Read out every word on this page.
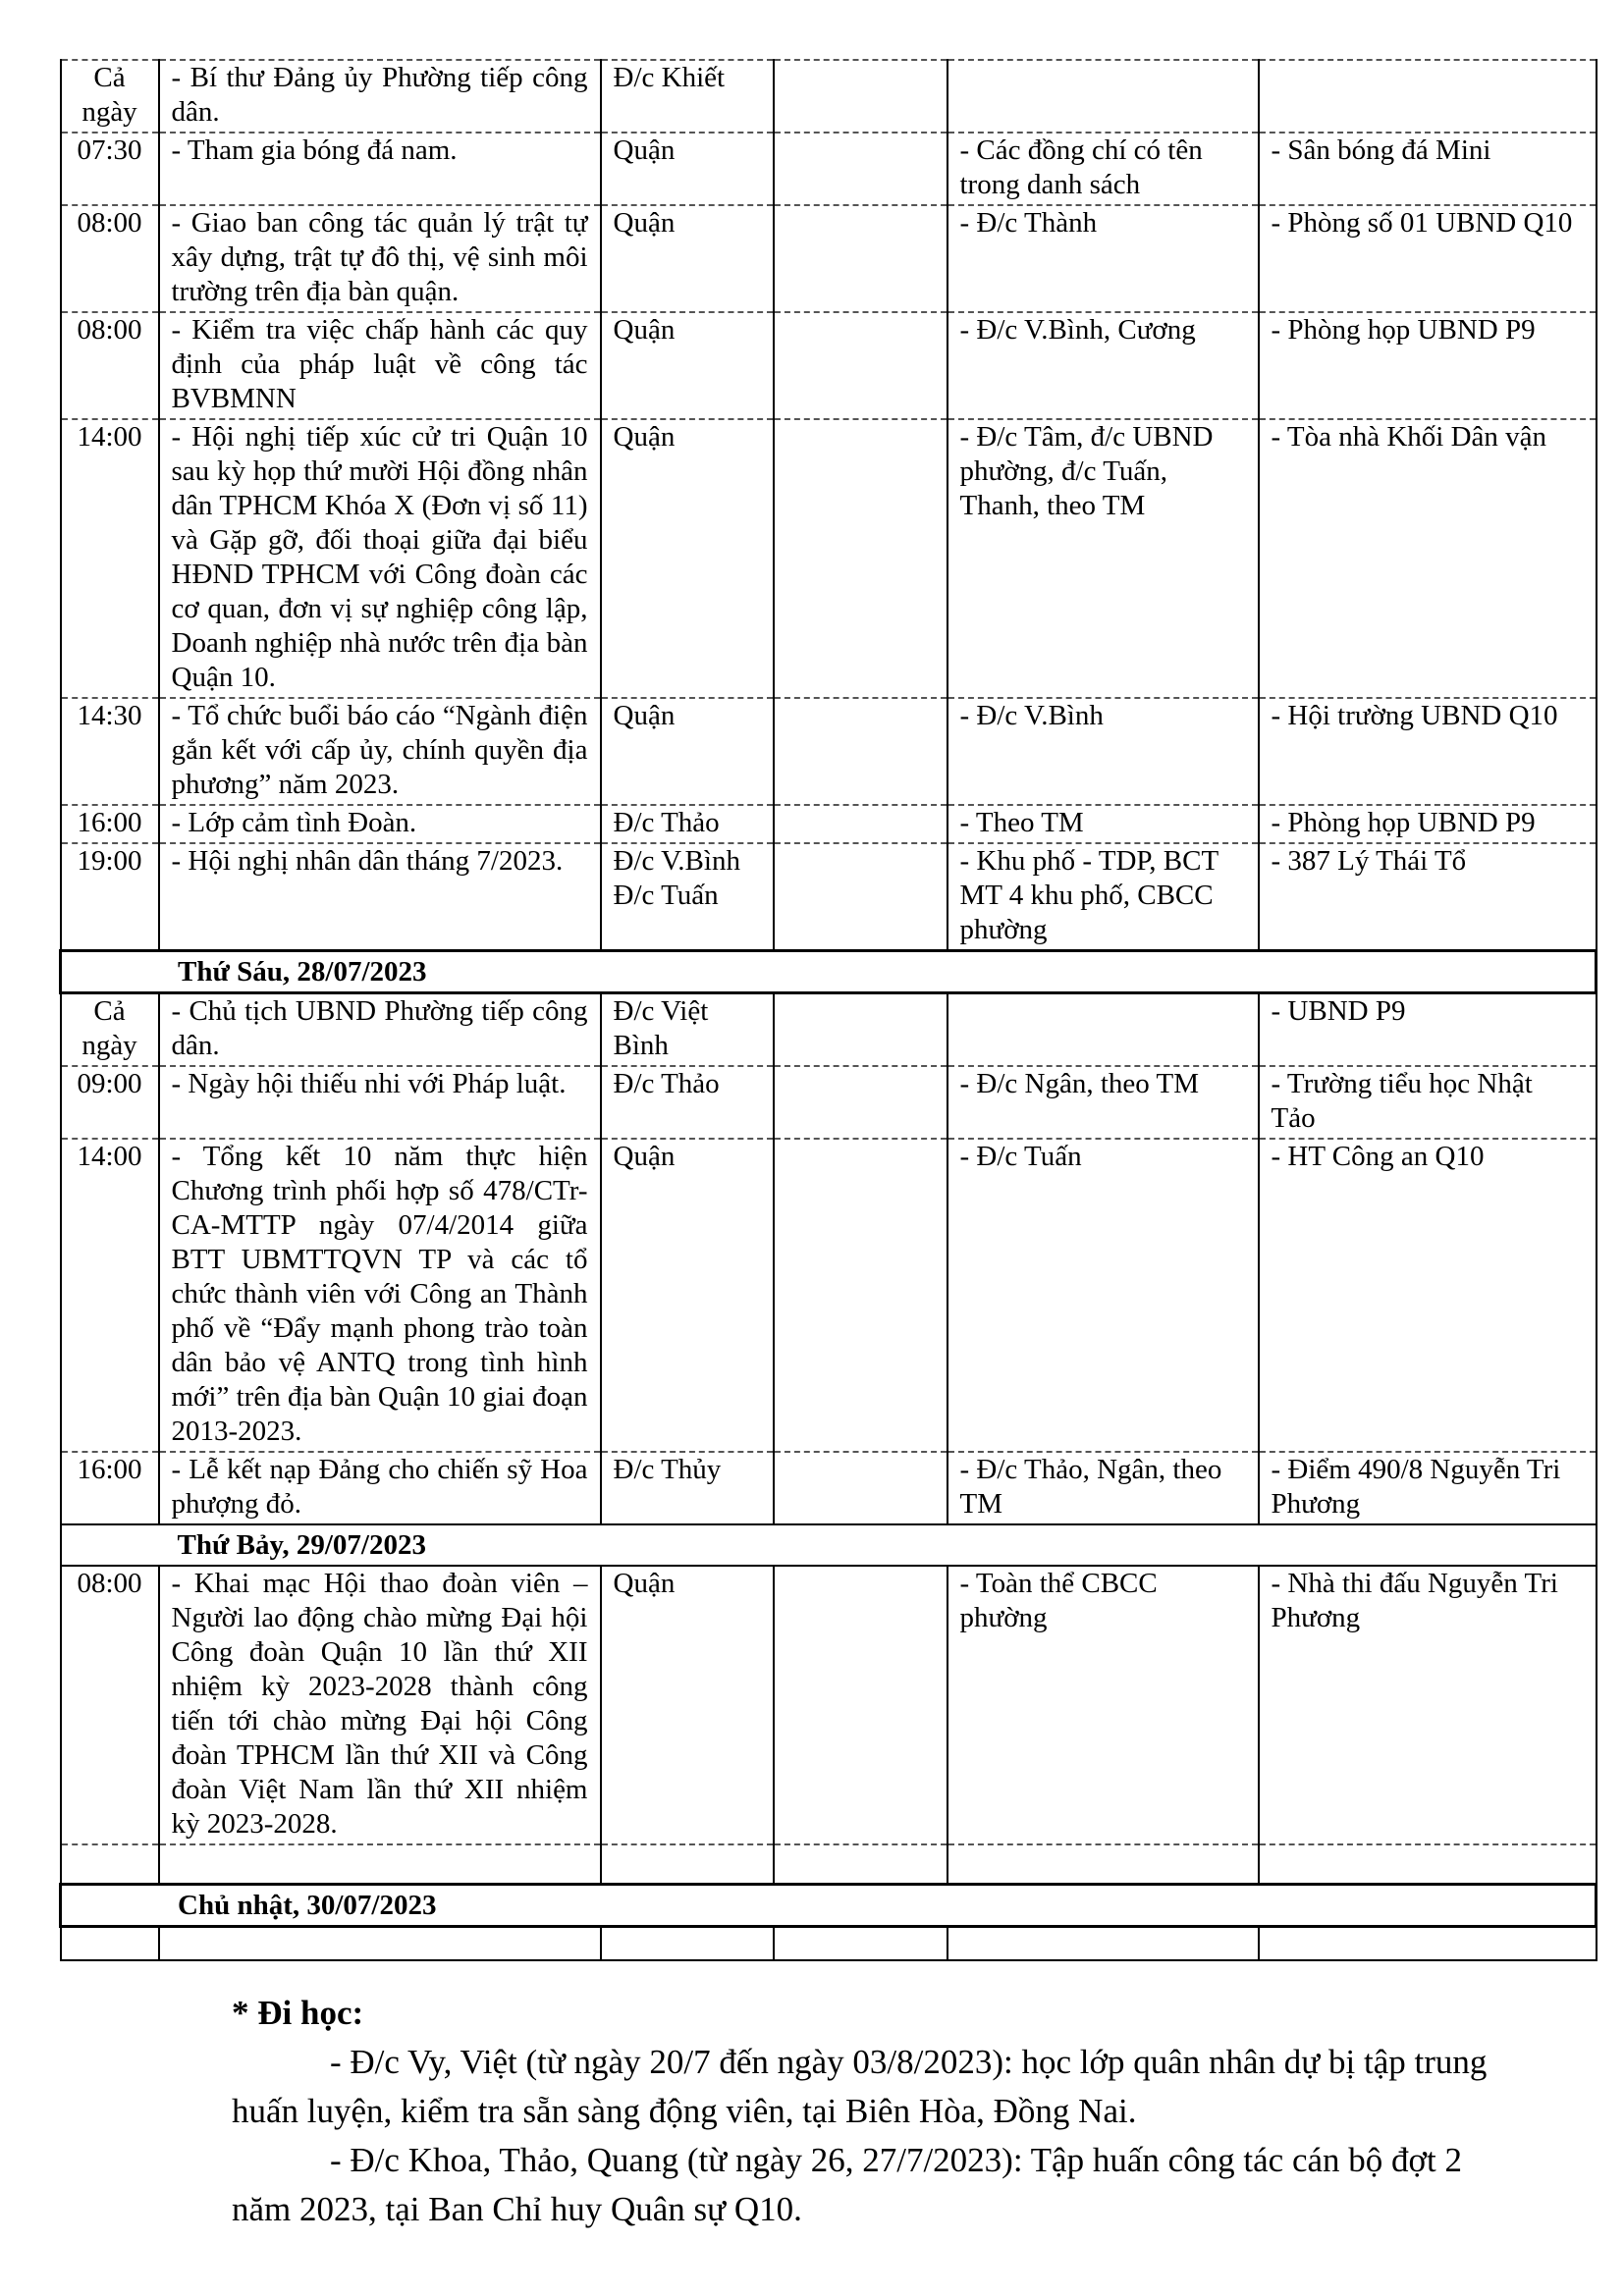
Cả ngày	- Bí thư Đảng ủy Phường tiếp công dân.	Đ/c Khiết			
07:30	- Tham gia bóng đá nam.	Quận		- Các đồng chí có tên trong danh sách	- Sân bóng đá Mini
08:00	- Giao ban công tác quản lý trật tự xây dựng, trật tự đô thị, vệ sinh môi trường trên địa bàn quận.	Quận		- Đ/c Thành	- Phòng số 01 UBND Q10
08:00	- Kiểm tra việc chấp hành các quy định của pháp luật về công tác BVBMNN	Quận		- Đ/c V.Bình, Cương	- Phòng họp UBND P9
14:00	- Hội nghị tiếp xúc cử tri Quận 10 sau kỳ họp thứ mười Hội đồng nhân dân TPHCM Khóa X (Đơn vị số 11) và Gặp gỡ, đối thoại giữa đại biểu HĐND TPHCM với Công đoàn các cơ quan, đơn vị sự nghiệp công lập, Doanh nghiệp nhà nước trên địa bàn Quận 10.	Quận		- Đ/c Tâm, đ/c UBND phường, đ/c Tuấn, Thanh, theo TM	- Tòa nhà Khối Dân vận
14:30	- Tổ chức buổi báo cáo “Ngành điện gắn kết với cấp ủy, chính quyền địa phương” năm 2023.	Quận		- Đ/c V.Bình	- Hội trường UBND Q10
16:00	- Lớp cảm tình Đoàn.	Đ/c Thảo		- Theo TM	- Phòng họp UBND P9
19:00	- Hội nghị nhân dân tháng 7/2023.	Đ/c V.Bình Đ/c Tuấn		- Khu phố - TDP, BCT MT 4 khu phố, CBCC phường	- 387 Lý Thái Tổ
Thứ Sáu, 28/07/2023					
Cả ngày	- Chủ tịch UBND Phường tiếp công dân.	Đ/c Việt Bình			- UBND P9
09:00	- Ngày hội thiếu nhi với Pháp luật.	Đ/c Thảo		- Đ/c Ngân, theo TM	- Trường tiểu học Nhật Tảo
14:00	- Tổng kết 10 năm thực hiện Chương trình phối hợp số 478/CTr-CA-MTTP ngày 07/4/2014 giữa BTT UBMTTQVN TP và các tổ chức thành viên với Công an Thành phố về “Đẩy mạnh phong trào toàn dân bảo vệ ANTQ trong tình hình mới” trên địa bàn Quận 10 giai đoạn 2013-2023.	Quận		- Đ/c Tuấn	- HT Công an Q10
16:00	- Lễ kết nạp Đảng cho chiến sỹ Hoa phượng đỏ.	Đ/c Thủy		- Đ/c Thảo, Ngân, theo TM	- Điểm 490/8 Nguyễn Tri Phương
Thứ Bảy, 29/07/2023					
08:00	- Khai mạc Hội thao đoàn viên – Người lao động chào mừng Đại hội Công đoàn Quận 10 lần thứ XII nhiệm kỳ 2023-2028 thành công tiến tới chào mừng Đại hội Công đoàn TPHCM lần thứ XII và Công đoàn Việt Nam lần thứ XII nhiệm kỳ 2023-2028.	Quận		- Toàn thể CBCC phường	- Nhà thi đấu Nguyễn Tri Phương

Chủ nhật, 30/07/2023					

* Đi học:

- Đ/c Vy, Việt (từ ngày 20/7 đến ngày 03/8/2023): học lớp quân nhân dự bị tập trung huấn luyện, kiểm tra sẵn sàng động viên, tại Biên Hòa, Đồng Nai.

- Đ/c Khoa, Thảo, Quang (từ ngày 26, 27/7/2023): Tập huấn công tác cán bộ đợt 2 năm 2023, tại Ban Chỉ huy Quân sự Q10.
